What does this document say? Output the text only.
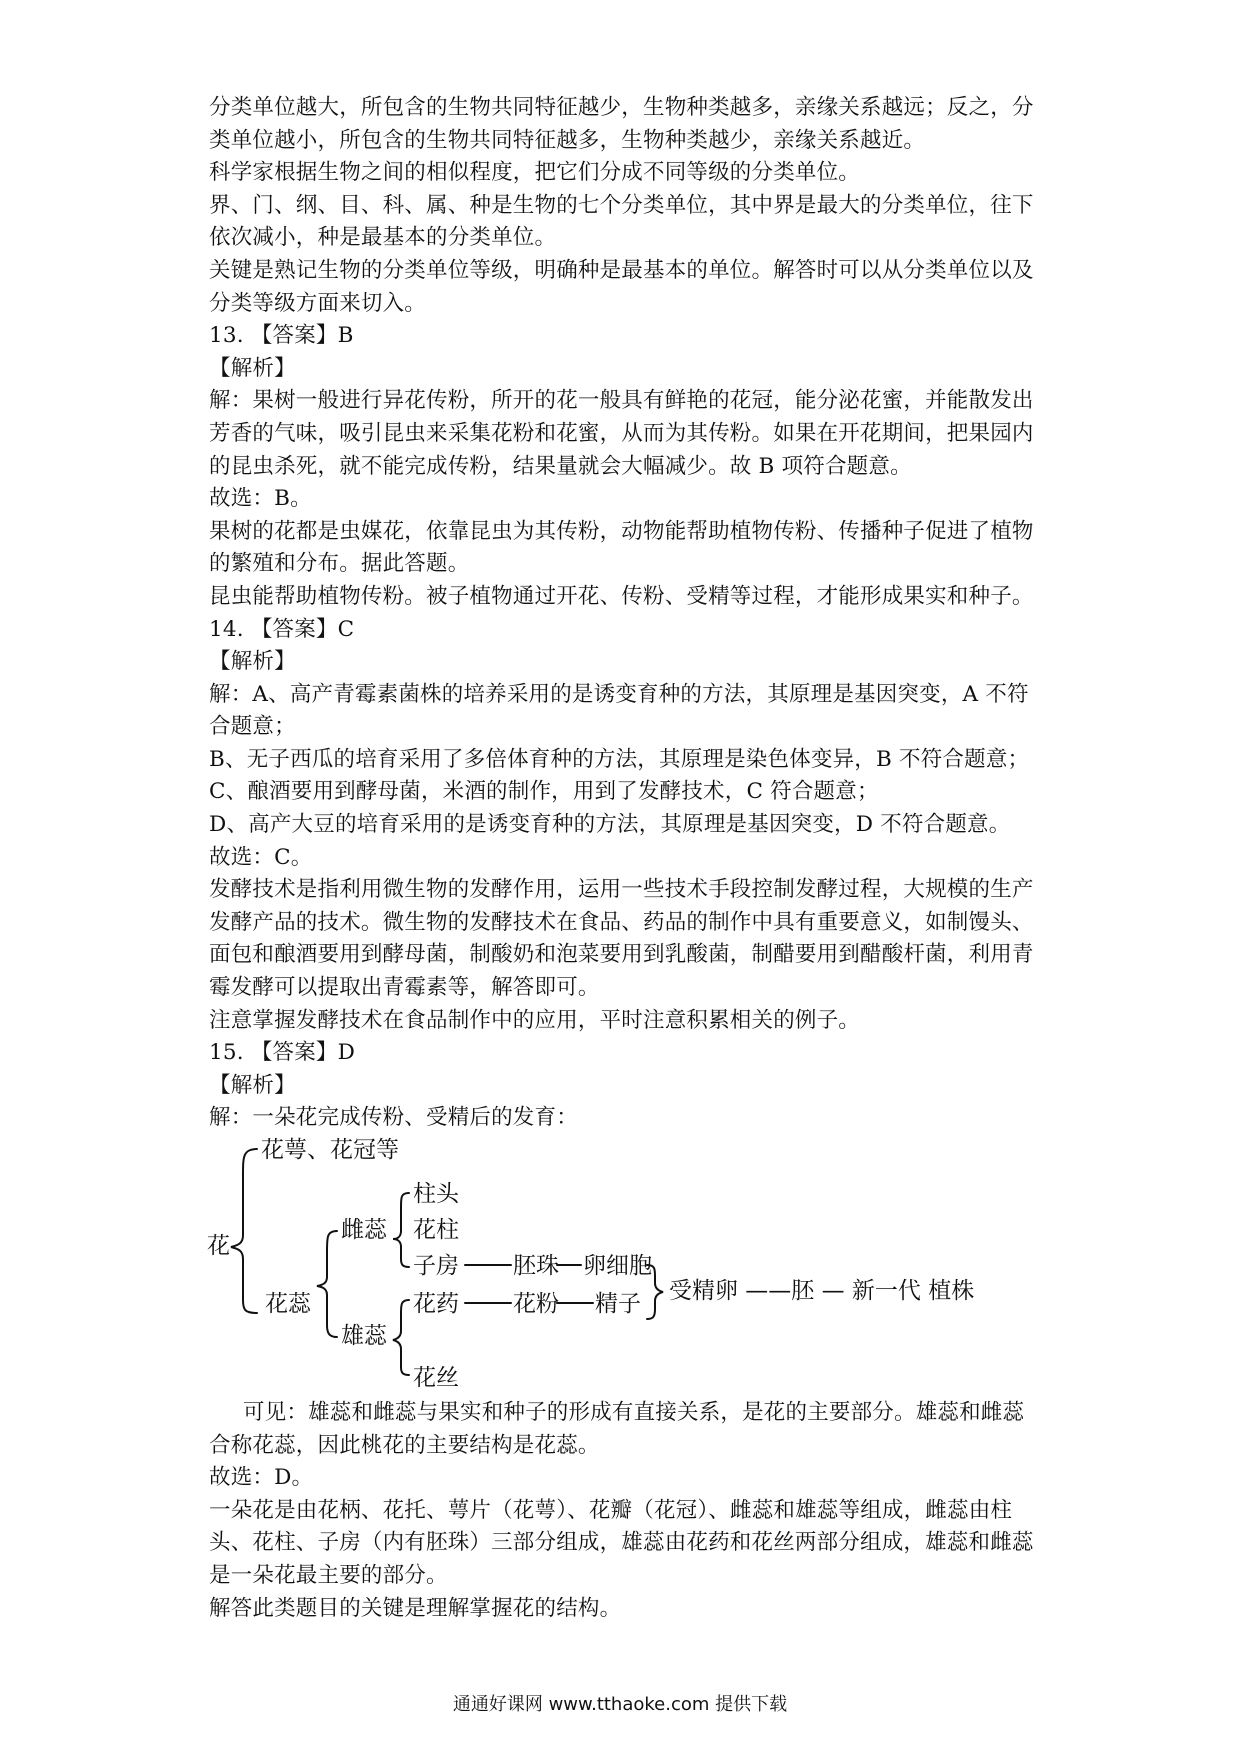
分类单位越大，所包含的生物共同特征越少，生物种类越多，亲缘关系越远；反之，分
类单位越小，所包含的生物共同特征越多，生物种类越少，亲缘关系越近。
科学家根据生物之间的相似程度，把它们分成不同等级的分类单位。
界、门、纲、目、科、属、种是生物的七个分类单位，其中界是最大的分类单位，往下
依次减小，种是最基本的分类单位。
关键是熟记生物的分类单位等级，明确种是最基本的单位。解答时可以从分类单位以及
分类等级方面来切入。
13. 【答案】B
【解析】
解：果树一般进行异花传粉，所开的花一般具有鲜艳的花冠，能分泌花蜜，并能散发出
芳香的气味，吸引昆虫来采集花粉和花蜜，从而为其传粉。如果在开花期间，把果园内
的昆虫杀死，就不能完成传粉，结果量就会大幅减少。故 B 项符合题意。
故选：B。
果树的花都是虫媒花，依靠昆虫为其传粉，动物能帮助植物传粉、传播种子促进了植物
的繁殖和分布。据此答题。
昆虫能帮助植物传粉。被子植物通过开花、传粉、受精等过程，才能形成果实和种子。
14. 【答案】C
【解析】
解：A、高产青霉素菌株的培养采用的是诱变育种的方法，其原理是基因突变，A 不符
合题意；
B、无子西瓜的培育采用了多倍体育种的方法，其原理是染色体变异，B 不符合题意；
C、酿酒要用到酵母菌，米酒的制作，用到了发酵技术，C 符合题意；
D、高产大豆的培育采用的是诱变育种的方法，其原理是基因突变，D 不符合题意。
故选：C。
发酵技术是指利用微生物的发酵作用，运用一些技术手段控制发酵过程，大规模的生产
发酵产品的技术。微生物的发酵技术在食品、药品的制作中具有重要意义，如制馒头、
面包和酿酒要用到酵母菌，制酸奶和泡菜要用到乳酸菌，制醋要用到醋酸杆菌，利用青
霉发酵可以提取出青霉素等，解答即可。
注意掌握发酵技术在食品制作中的应用，平时注意积累相关的例子。
15. 【答案】D
【解析】
解：一朵花完成传粉、受精后的发育：
花
花萼、花冠等
花蕊
雌蕊
雄蕊
柱头
花柱
子房 胚珠 卵细胞
花药 花粉 精子
花丝
受精卵 ——胚 — 新一代 植株
可见：雄蕊和雌蕊与果实和种子的形成有直接关系，是花的主要部分。雄蕊和雌蕊
合称花蕊，因此桃花的主要结构是花蕊。
故选：D。
一朵花是由花柄、花托、萼片（花萼）、花瓣（花冠）、雌蕊和雄蕊等组成，雌蕊由柱
头、花柱、子房（内有胚珠）三部分组成，雄蕊由花药和花丝两部分组成，雄蕊和雌蕊
是一朵花最主要的部分。
解答此类题目的关键是理解掌握花的结构。
通通好课网 www.tthaoke.com 提供下载
